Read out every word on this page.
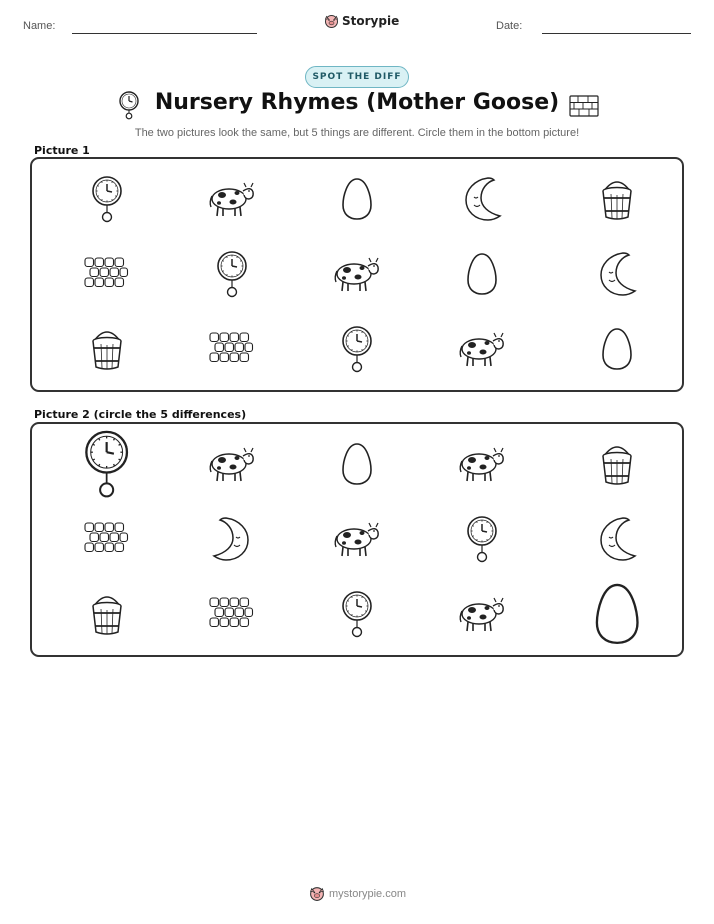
Name:	Storypie	Date:
SPOT THE DIFF
Nursery Rhymes (Mother Goose)
The two pictures look the same, but 5 things are different. Circle them in the bottom picture!
Picture 1
Picture 2 (circle the 5 differences)
mystorypie.com
